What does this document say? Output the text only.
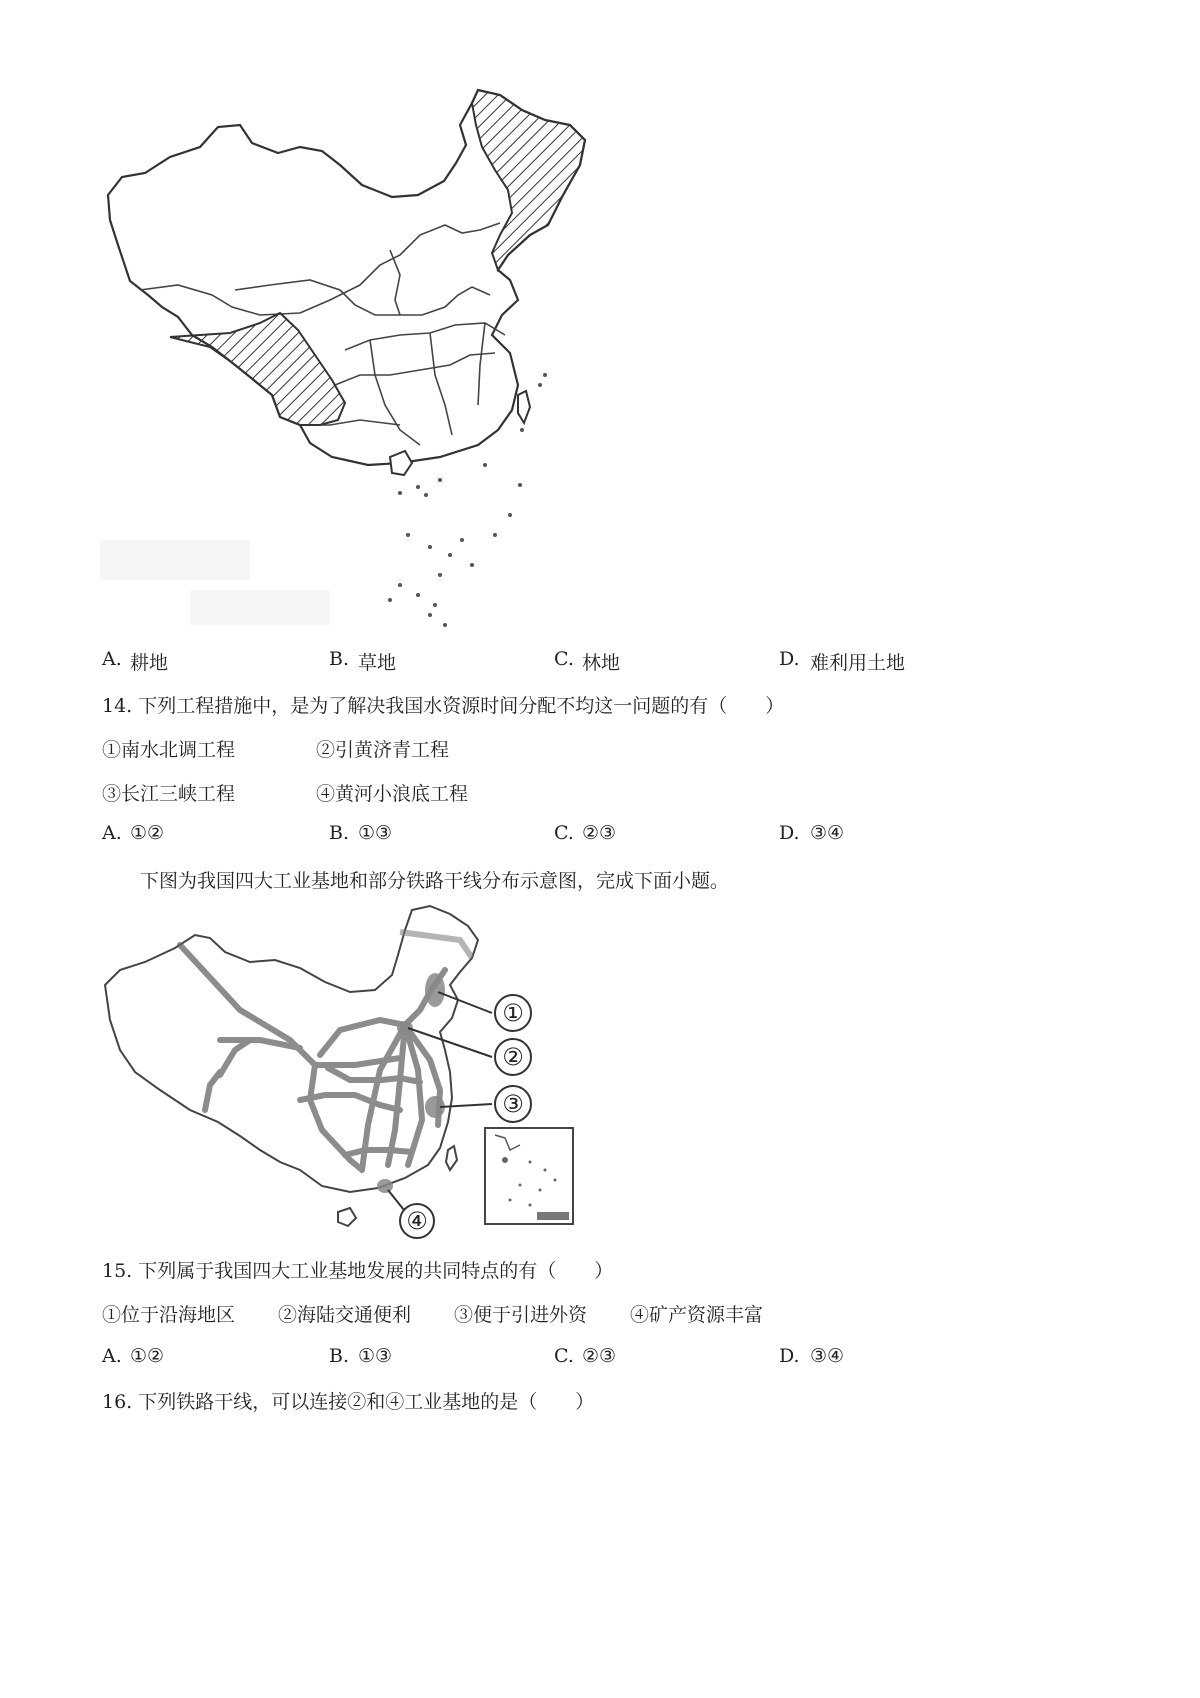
A. 耕地	B. 草地	C. 林地	D. 难利用土地
14. 下列工程措施中，是为了解决我国水资源时间分配不均这一问题的有（　　）
①南水北调工程	②引黄济青工程
③长江三峡工程	④黄河小浪底工程
A. ①②	B. ①③	C. ②③	D. ③④
下图为我国四大工业基地和部分铁路干线分布示意图，完成下面小题。
①
②
③
④
15. 下列属于我国四大工业基地发展的共同特点的有（　　）
①位于沿海地区 ②海陆交通便利 ③便于引进外资 ④矿产资源丰富
A. ①②	B. ①③	C. ②③	D. ③④
16. 下列铁路干线，可以连接②和④工业基地的是（　　）
